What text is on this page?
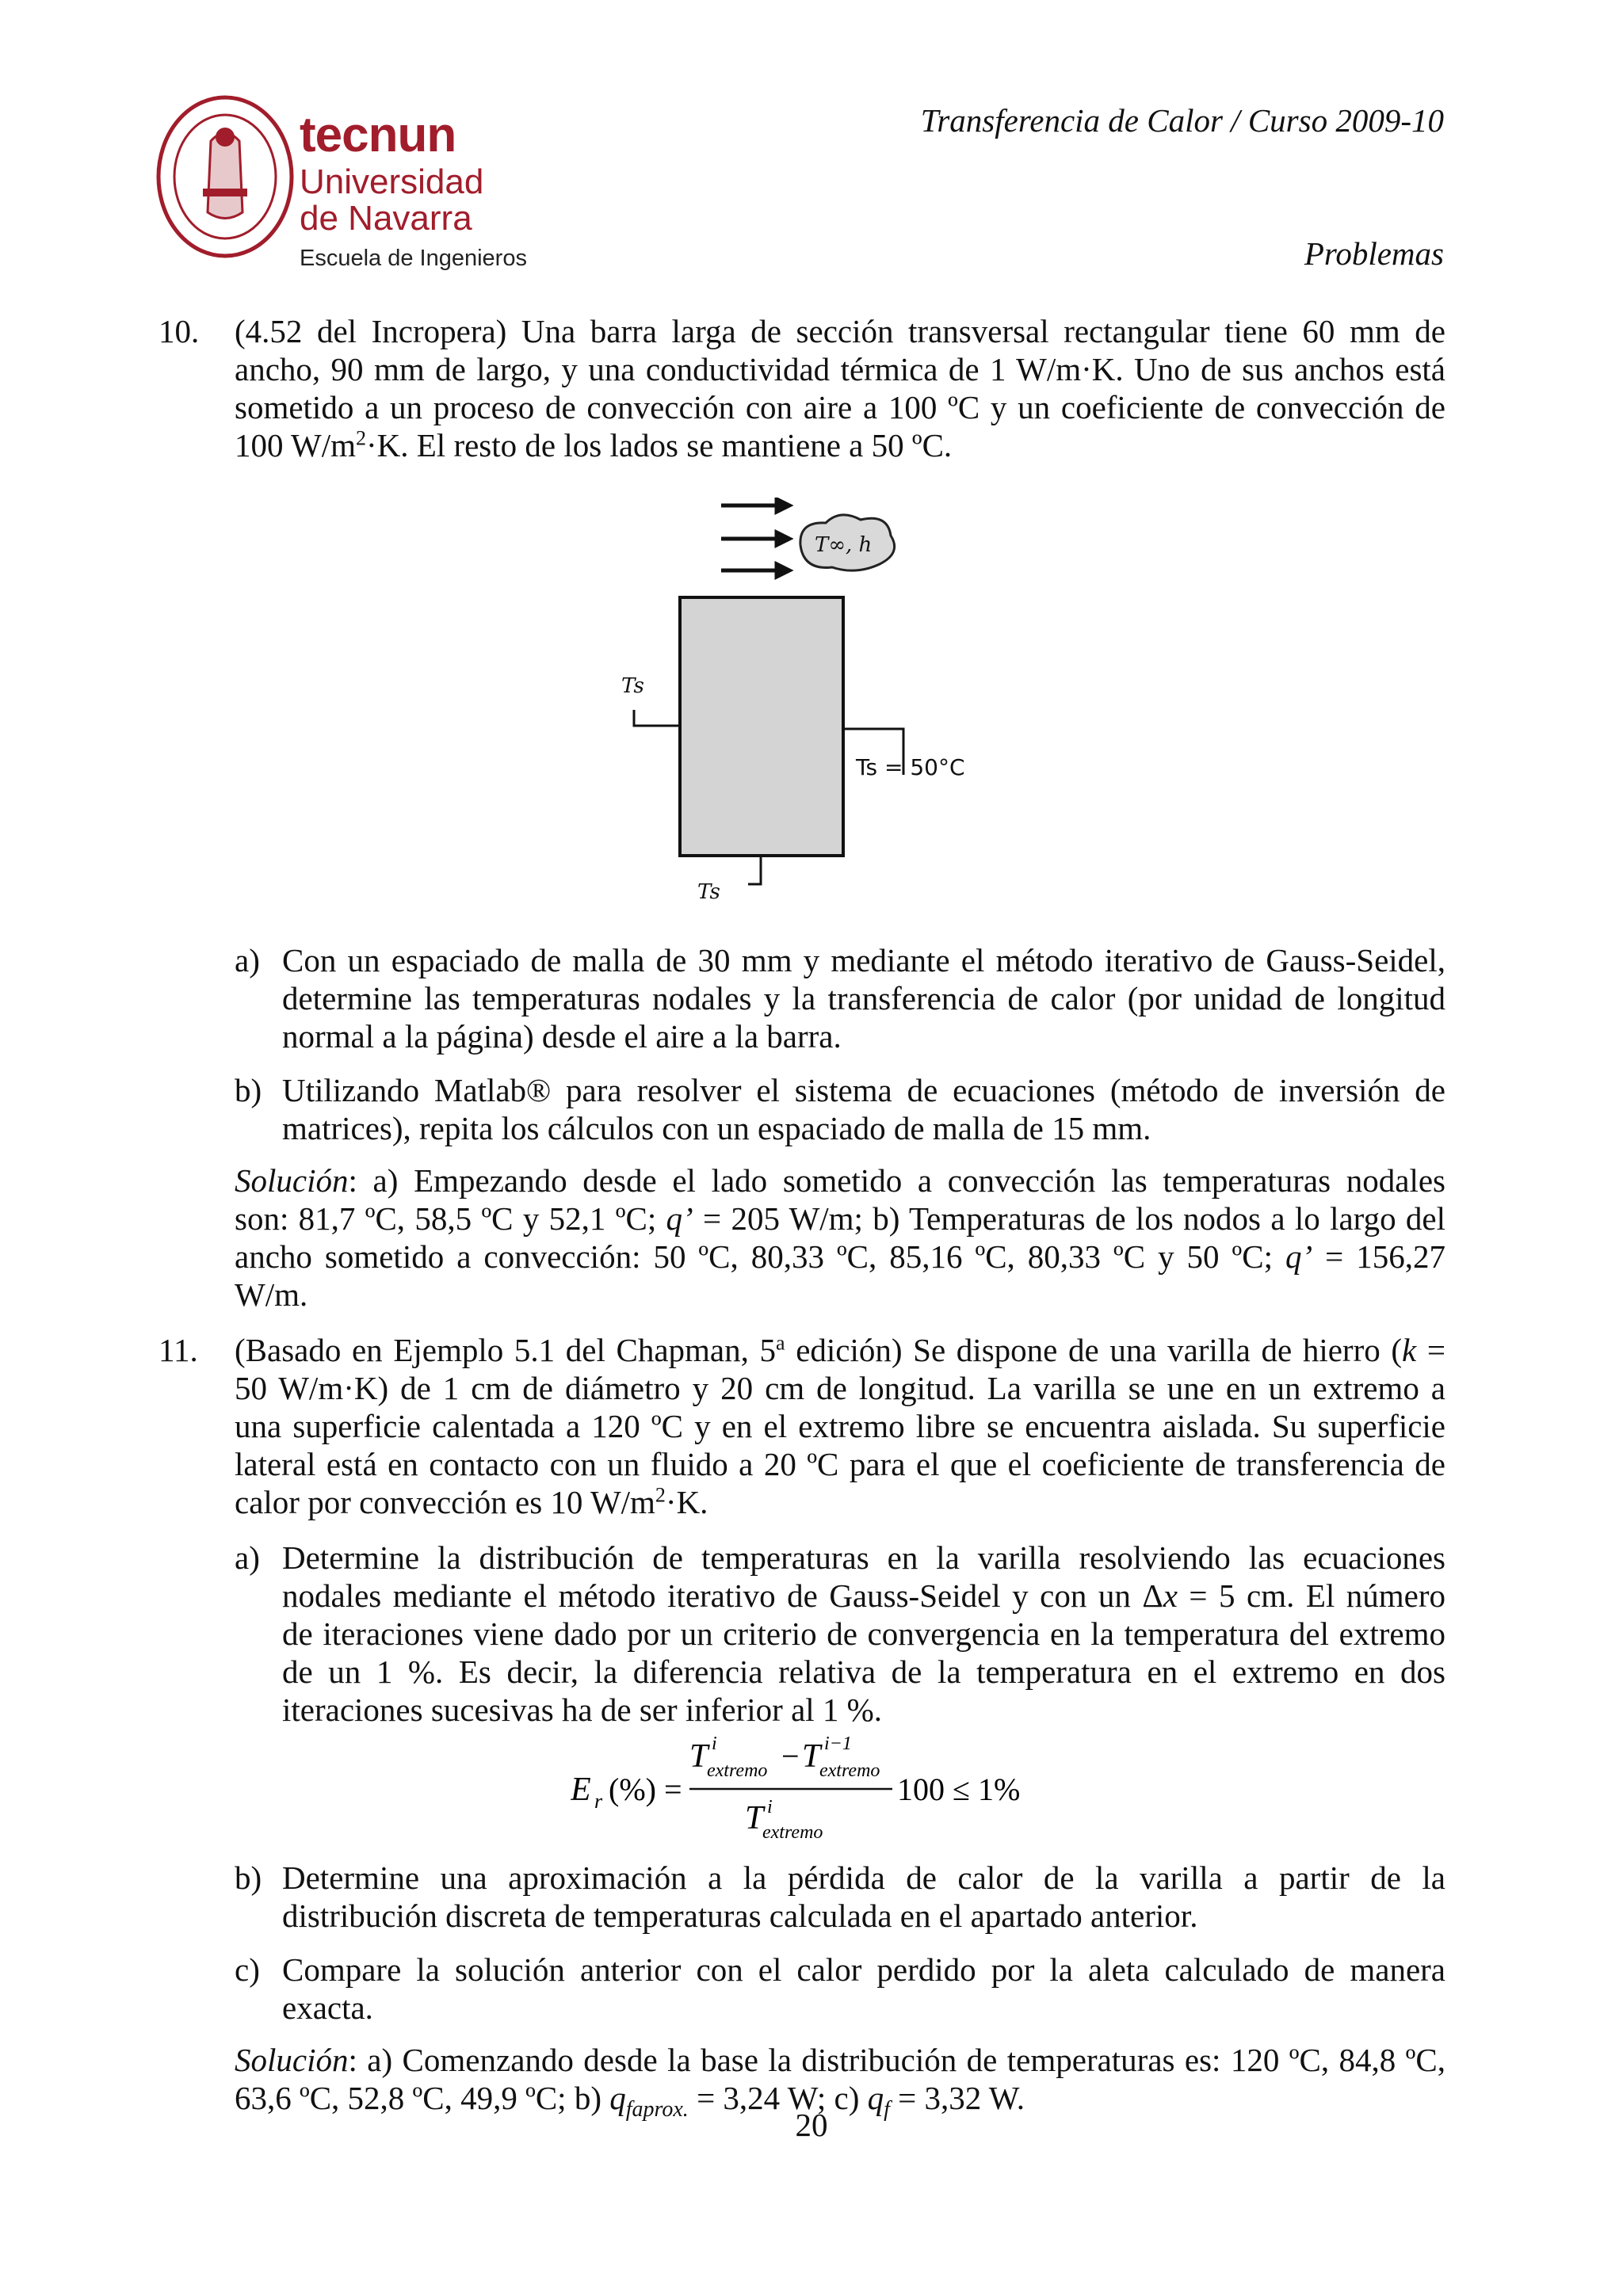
tecnun
Universidad
de Navarra
Escuela de Ingenieros
Transferencia de Calor / Curso 2009-10
Problemas
10. (4.52 del Incropera) Una barra larga de sección transversal rectangular tiene 60 mm de
ancho, 90 mm de largo, y una conductividad térmica de 1 W/m·K. Uno de sus anchos está
sometido a un proceso de convección con aire a 100 ºC y un coeficiente de convección de
100 $W/m^2\cdot K$. El resto de los lados se mantiene a 50 ºC.
T∞, h
Ts
Ts = 50°C
Ts
a) Con un espaciado de malla de 30 mm y mediante el método iterativo de Gauss-Seidel,
determine las temperaturas nodales y la transferencia de calor (por unidad de longitud
normal a la página) desde el aire a la barra.
b) Utilizando Matlab® para resolver el sistema de ecuaciones (método de inversión de
matrices), repita los cálculos con un espaciado de malla de 15 mm.
Solución: a) Empezando desde el lado sometido a convección las temperaturas nodales
son: 81,7 ºC, 58,5 ºC y 52,1 ºC; q’ = 205 W/m; b) Temperaturas de los nodos a lo largo del
ancho sometido a convección: 50 ºC, 80,33 ºC, 85,16 ºC, 80,33 ºC y 50 ºC; q’ = 156,27
W/m.
11. (Basado en Ejemplo 5.1 del Chapman, 5$^a$ edición) Se dispone de una varilla de hierro (k =
50 W/m·K) de 1 cm de diámetro y 20 cm de longitud. La varilla se une en un extremo a
una superficie calentada a 120 ºC y en el extremo libre se encuentra aislada. Su superficie
lateral está en contacto con un fluido a 20 ºC para el que el coeficiente de transferencia de
calor por convección es 10 $W/m^2\cdot K$.
a) Determine la distribución de temperaturas en la varilla resolviendo las ecuaciones
nodales mediante el método iterativo de Gauss-Seidel y con un Δx = 5 cm. El número
de iteraciones viene dado por un criterio de convergencia en la temperatura del extremo
de un 1 %. Es decir, la diferencia relativa de la temperatura en el extremo en dos
iteraciones sucesivas ha de ser inferior al 1 %.
E r (%) =
T i
extremo − T i−1
extremo
T i
extremo
100 ≤ 1%
b) Determine una aproximación a la pérdida de calor de la varilla a partir de la
distribución discreta de temperaturas calculada en el apartado anterior.
c) Compare la solución anterior con el calor perdido por la aleta calculado de manera
exacta.
Solución: a) Comenzando desde la base la distribución de temperaturas es: 120 ºC, 84,8 ºC,
63,6 ºC, 52,8 ºC, 49,9 ºC; b) $q_{faprox.} = 3,24$ W; c) $q_f = 3,32$ W.
20
